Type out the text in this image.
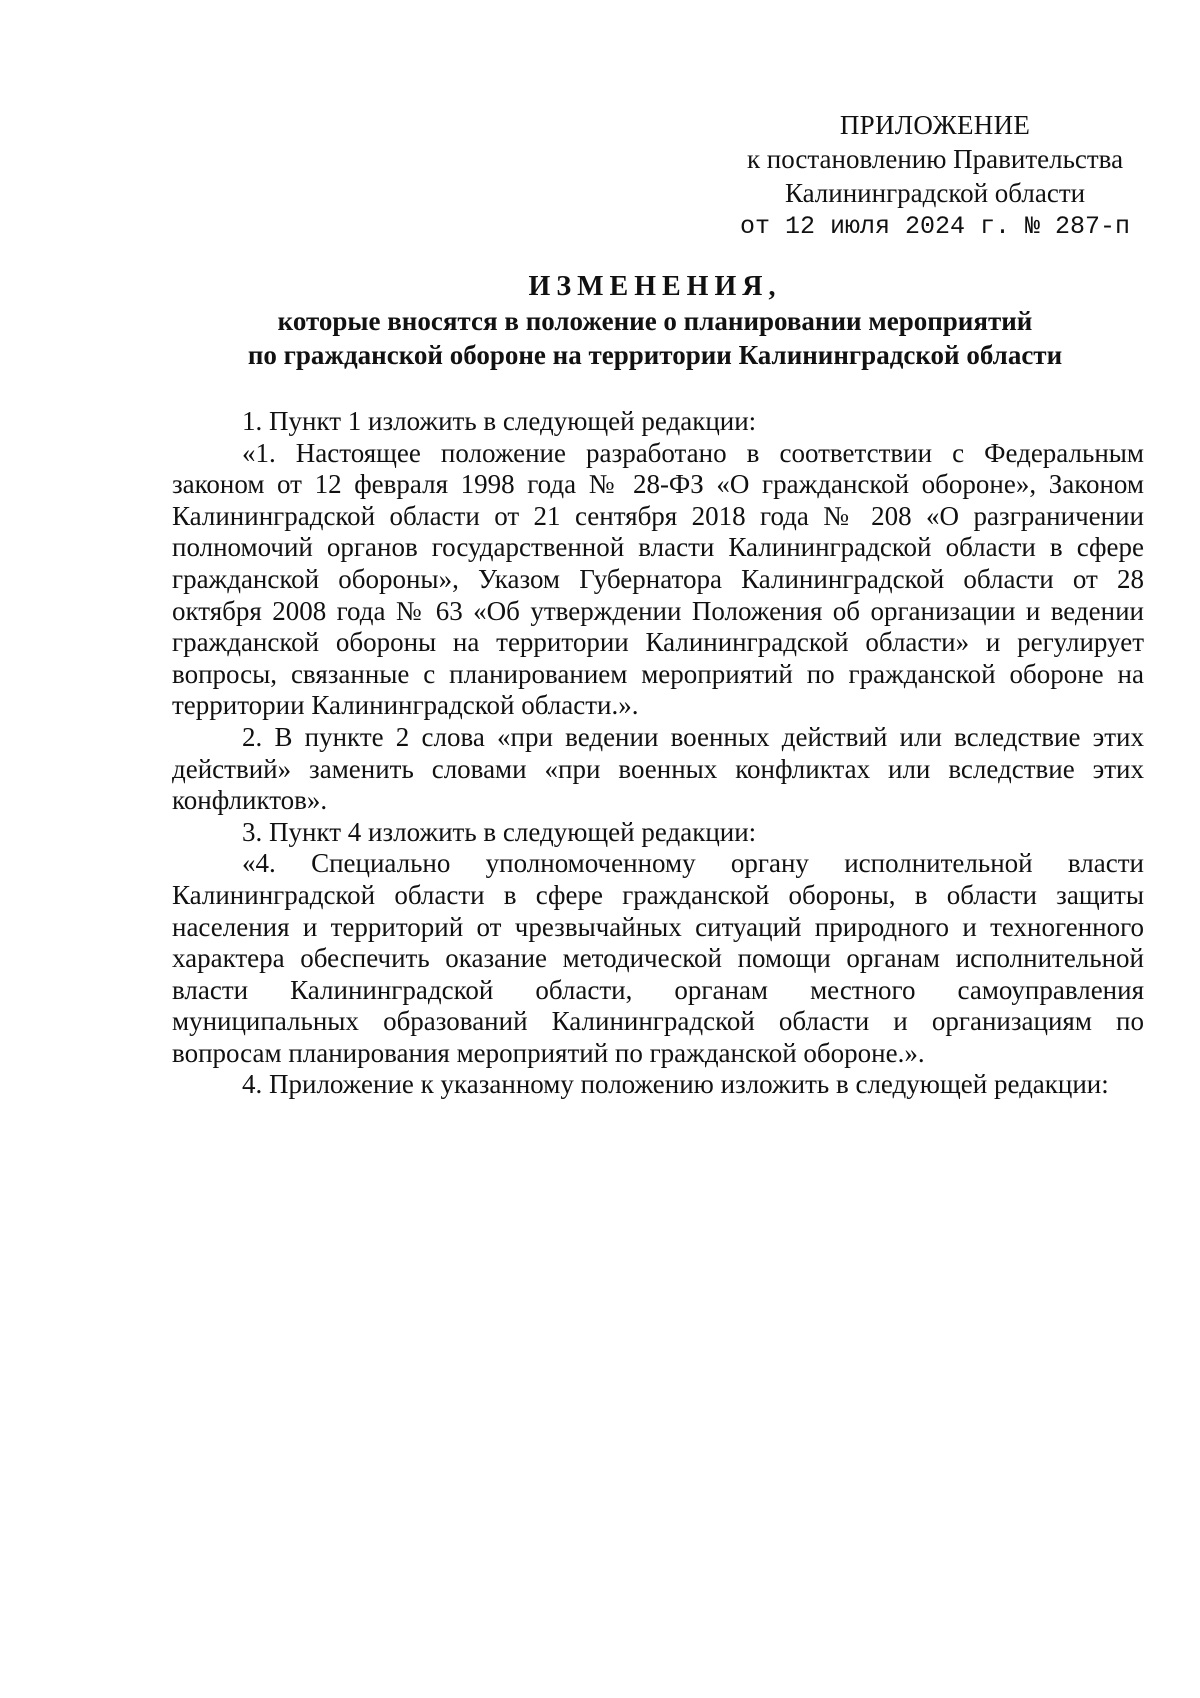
ПРИЛОЖЕНИЕ
к постановлению Правительства
Калининградской области
от 12 июля 2024 г. № 287-п
ИЗМЕНЕНИЯ,
которые вносятся в положение о планировании мероприятий
по гражданской обороне на территории Калининградской области

1. Пункт 1 изложить в следующей редакции:

«1. Настоящее положение разработано в соответствии с Федеральным законом от 12 февраля 1998 года № 28-ФЗ «О гражданской обороне», Законом Калининградской области от 21 сентября 2018 года № 208 «О разграничении полномочий органов государственной власти Калининградской области в сфере гражданской обороны», Указом Губернатора Калининградской области от 28 октября 2008 года № 63 «Об утверждении Положения об организации и ведении гражданской обороны на территории Калининградской области» и регулирует вопросы, связанные с планированием мероприятий по гражданской обороне на территории Калининградской области.».

2. В пункте 2 слова «при ведении военных действий или вследствие этих действий» заменить словами «при военных конфликтах или вследствие этих конфликтов».

3. Пункт 4 изложить в следующей редакции:

«4. Специально уполномоченному органу исполнительной власти Калининградской области в сфере гражданской обороны, в области защиты населения и территорий от чрезвычайных ситуаций природного и техногенного характера обеспечить оказание методической помощи органам исполнительной власти Калининградской области, органам местного самоуправления муниципальных образований Калининградской области и организациям по вопросам планирования мероприятий по гражданской обороне.».

4. Приложение к указанному положению изложить в следующей редакции:
